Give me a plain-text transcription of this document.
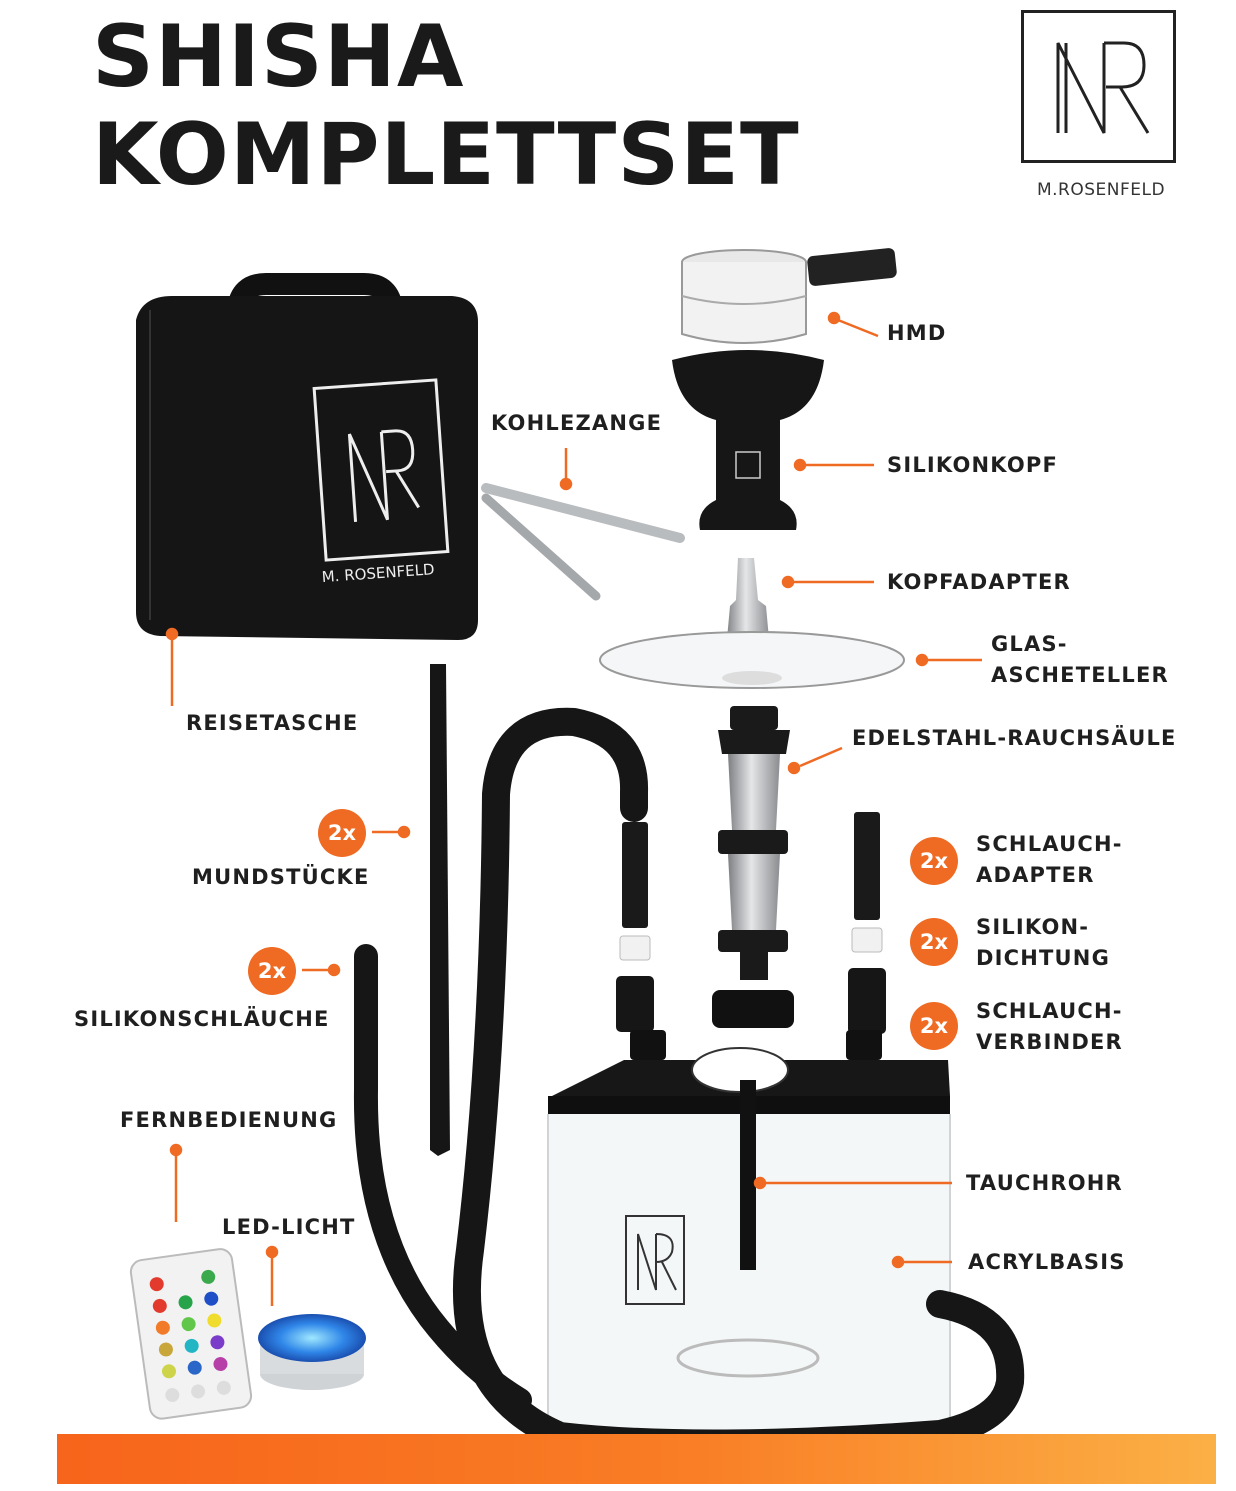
SHISHA
KOMPLETTSET	M.ROSENFELD
M. ROSENFELD
HMD
KOHLEZANGE
SILIKONKOPF
KOPFADAPTER
GLAS-
ASCHETELLER
REISETASCHE
EDELSTAHL-RAUCHSÄULE
2x
MUNDSTÜCKE
2x
SCHLAUCH-
ADAPTER
2x
SILIKON-
DICHTUNG
2x
SILIKONSCHLÄUCHE	2x
SCHLAUCH-
VERBINDER
FERNBEDIENUNG
TAUCHROHR
LED-LICHT
ACRYLBASIS
